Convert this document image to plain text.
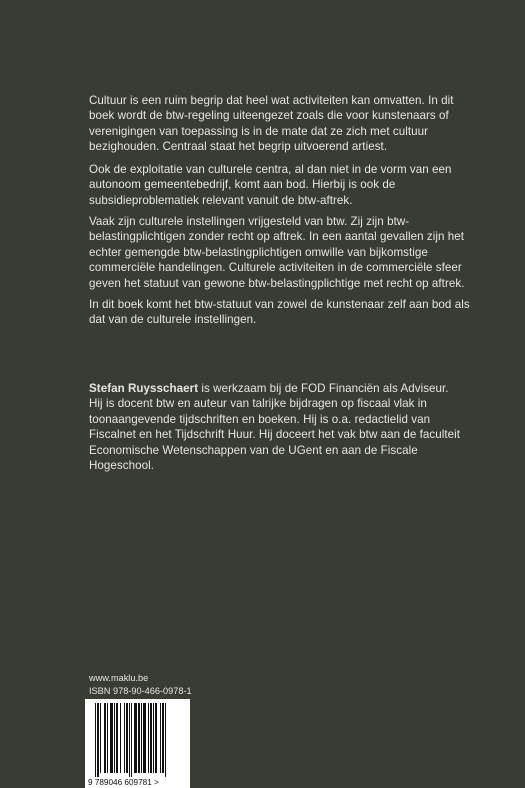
Cultuur is een ruim begrip dat heel wat activiteiten kan omvatten. In dit boek wordt de btw-regeling uiteengezet zoals die voor kunstenaars of verenigingen van toepassing is in de mate dat ze zich met cultuur bezighouden. Centraal staat het begrip uitvoerend artiest.

Ook de exploitatie van culturele centra, al dan niet in de vorm van een autonoom gemeentebedrijf, komt aan bod. Hierbij is ook de subsidieproblematiek relevant vanuit de btw-aftrek.

Vaak zijn culturele instellingen vrijgesteld van btw. Zij zijn btw-belastingplichtigen zonder recht op aftrek. In een aantal gevallen zijn het echter gemengde btw-belastingplichtigen omwille van bijkomstige commerciële handelingen. Culturele activiteiten in de commerciële sfeer geven het statuut van gewone btw-belastingplichtige met recht op aftrek.

In dit boek komt het btw-statuut van zowel de kunstenaar zelf aan bod als dat van de culturele instellingen.

Stefan Ruysschaert is werkzaam bij de FOD Financiën als Adviseur. Hij is docent btw en auteur van talrijke bijdragen op fiscaal vlak in toonaangevende tijdschriften en boeken. Hij is o.a. redactielid van Fiscalnet en het Tijdschrift Huur. Hij doceert het vak btw aan de faculteit Economische Wetenschappen van de UGent en aan de Fiscale Hogeschool.

www.maklu.be
ISBN 978-90-466-0978-1
9 789046 609781 >
